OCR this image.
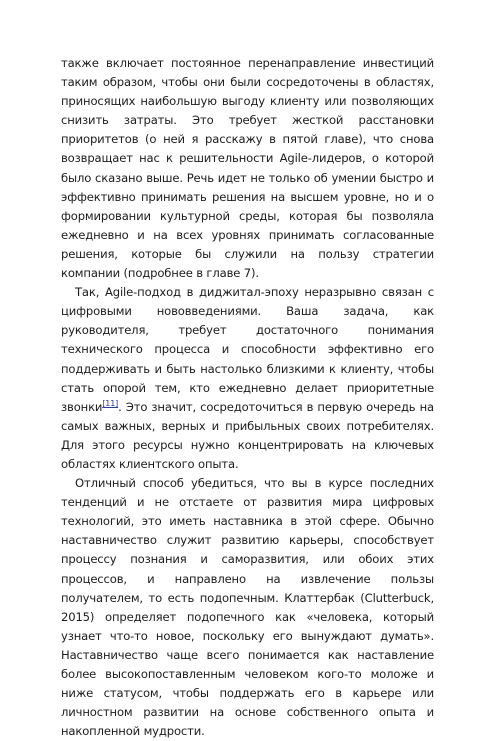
также включает постоянное перенаправление инвестиций таким образом, чтобы они были сосредоточены в областях, приносящих наибольшую выгоду клиенту или позволяющих снизить затраты. Это требует жесткой расстановки приоритетов (о ней я расскажу в пятой главе), что снова возвращает нас к решительности Agile-лидеров, о которой было сказано выше. Речь идет не только об умении быстро и эффективно принимать решения на высшем уровне, но и о формировании культурной среды, которая бы позволяла ежедневно и на всех уровнях принимать согласованные решения, которые бы служили на пользу стратегии компании (подробнее в главе 7).

Так, Agile-подход в диджитал-эпоху неразрывно связан с цифровыми нововведениями. Ваша задача, как руководителя, требует достаточного понимания технического процесса и способности эффективно его поддерживать и быть настолько близкими к клиенту, чтобы стать опорой тем, кто ежедневно делает приоритетные звонки[11]. Это значит, сосредоточиться в первую очередь на самых важных, верных и прибыльных своих потребителях. Для этого ресурсы нужно концентрировать на ключевых областях клиентского опыта.

Отличный способ убедиться, что вы в курсе последних тенденций и не отстаете от развития мира цифровых технологий, это иметь наставника в этой сфере. Обычно наставничество служит развитию карьеры, способствует процессу познания и саморазвития, или обоих этих процессов, и направлено на извлечение пользы получателем, то есть подопечным. Клаттербак (Clutterbuck, 2015) определяет подопечного как «человека, который узнает что-то новое, поскольку его вынуждают думать». Наставничество чаще всего понимается как наставление более высокопоставленным человеком кого-то моложе и ниже статусом, чтобы поддержать его в карьере или личностном развитии на основе собственного опыта и накопленной мудрости.
